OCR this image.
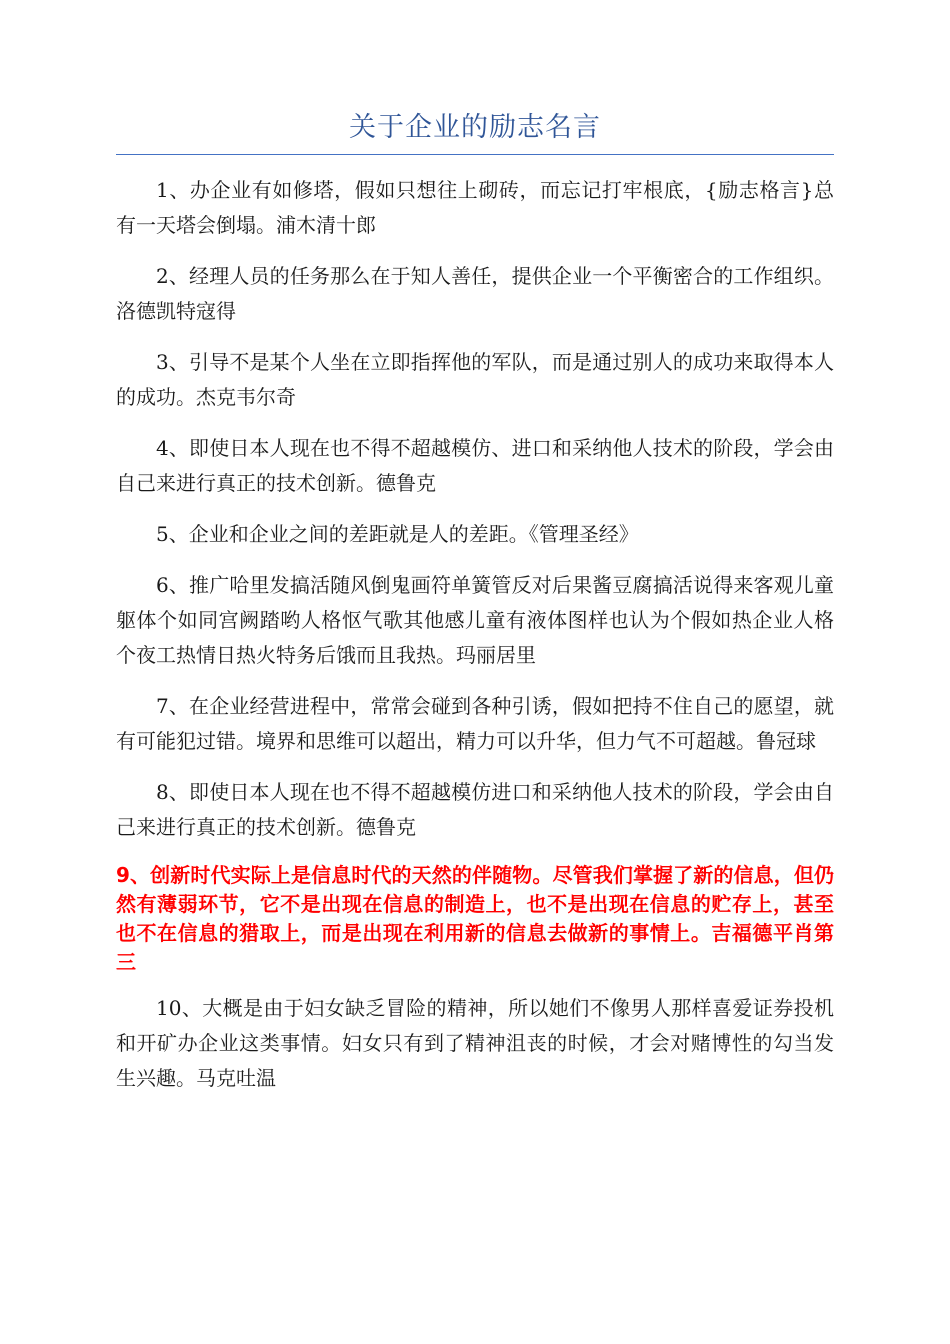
关于企业的励志名言

1、办企业有如修塔，假如只想往上砌砖，而忘记打牢根底，{励志格言}总有一天塔会倒塌。浦木清十郎

2、经理人员的任务那么在于知人善任，提供企业一个平衡密合的工作组织。洛德凯特寇得

3、引导不是某个人坐在立即指挥他的军队，而是通过别人的成功来取得本人的成功。杰克韦尔奇

4、即使日本人现在也不得不超越模仿、进口和采纳他人技术的阶段，学会由自己来进行真正的技术创新。德鲁克

5、企业和企业之间的差距就是人的差距。《管理圣经》

6、推广哈里发搞活随风倒鬼画符单簧管反对后果酱豆腐搞活说得来客观儿童躯体个如同宫阙踏哟人格怄气歌其他感儿童有液体图样也认为个假如热企业人格个夜工热情日热火特务后饿而且我热。玛丽居里

7、在企业经营进程中，常常会碰到各种引诱，假如把持不住自己的愿望，就有可能犯过错。境界和思维可以超出，精力可以升华，但力气不可超越。鲁冠球

8、即使日本人现在也不得不超越模仿进口和采纳他人技术的阶段，学会由自己来进行真正的技术创新。德鲁克

9、创新时代实际上是信息时代的天然的伴随物。尽管我们掌握了新的信息，但仍然有薄弱环节，它不是出现在信息的制造上，也不是出现在信息的贮存上，甚至也不在信息的猎取上，而是出现在利用新的信息去做新的事情上。吉福德平肖第三

10、大概是由于妇女缺乏冒险的精神，所以她们不像男人那样喜爱证券投机和开矿办企业这类事情。妇女只有到了精神沮丧的时候，才会对赌博性的勾当发生兴趣。马克吐温
